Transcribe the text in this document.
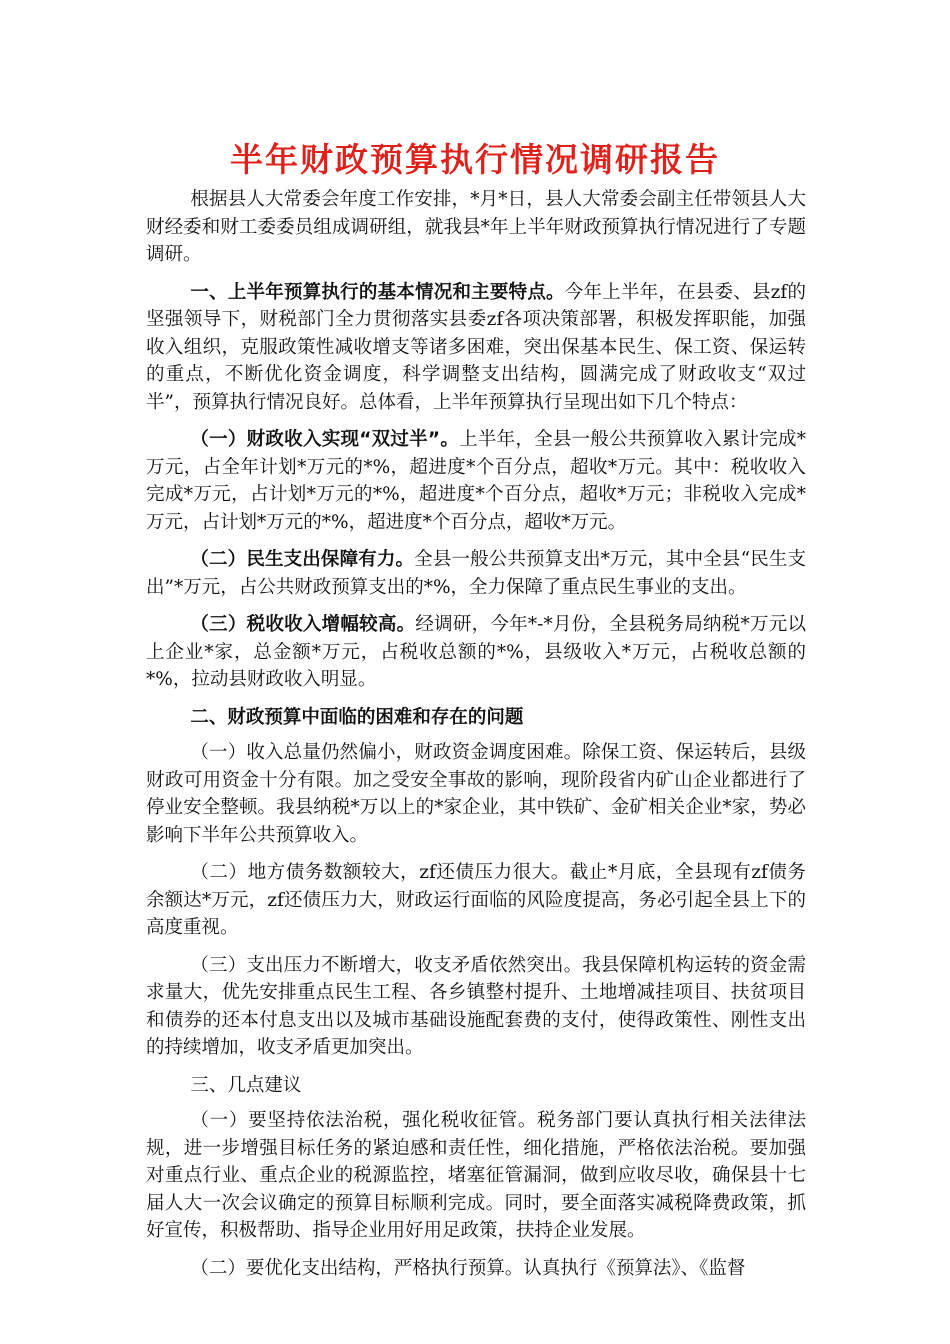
半年财政预算执行情况调研报告

根据县人大常委会年度工作安排，*月*日，县人大常委会副主任带领县人大财经委和财工委委员组成调研组，就我县*年上半年财政预算执行情况进行了专题调研。

一、上半年预算执行的基本情况和主要特点。今年上半年，在县委、县zf的坚强领导下，财税部门全力贯彻落实县委zf各项决策部署，积极发挥职能，加强收入组织，克服政策性减收增支等诸多困难，突出保基本民生、保工资、保运转的重点，不断优化资金调度，科学调整支出结构，圆满完成了财政收支“双过半”，预算执行情况良好。总体看，上半年预算执行呈现出如下几个特点：

（一）财政收入实现“双过半”。上半年，全县一般公共预算收入累计完成*万元，占全年计划*万元的*%，超进度*个百分点，超收*万元。其中：税收收入完成*万元，占计划*万元的*%，超进度*个百分点，超收*万元；非税收入完成*万元，占计划*万元的*%，超进度*个百分点，超收*万元。

（二）民生支出保障有力。全县一般公共预算支出*万元，其中全县“民生支出”*万元，占公共财政预算支出的*%，全力保障了重点民生事业的支出。

（三）税收收入增幅较高。经调研，今年*-*月份，全县税务局纳税*万元以上企业*家，总金额*万元，占税收总额的*%，县级收入*万元，占税收总额的*%，拉动县财政收入明显。

二、财政预算中面临的困难和存在的问题

（一）收入总量仍然偏小，财政资金调度困难。除保工资、保运转后，县级财政可用资金十分有限。加之受安全事故的影响，现阶段省内矿山企业都进行了停业安全整顿。我县纳税*万以上的*家企业，其中铁矿、金矿相关企业*家，势必影响下半年公共预算收入。

（二）地方债务数额较大，zf还债压力很大。截止*月底，全县现有zf债务余额达*万元，zf还债压力大，财政运行面临的风险度提高，务必引起全县上下的高度重视。

（三）支出压力不断增大，收支矛盾依然突出。我县保障机构运转的资金需求量大，优先安排重点民生工程、各乡镇整村提升、土地增减挂项目、扶贫项目和债券的还本付息支出以及城市基础设施配套费的支付，使得政策性、刚性支出的持续增加，收支矛盾更加突出。

三、几点建议

（一）要坚持依法治税，强化税收征管。税务部门要认真执行相关法律法规，进一步增强目标任务的紧迫感和责任性，细化措施，严格依法治税。要加强对重点行业、重点企业的税源监控，堵塞征管漏洞，做到应收尽收，确保县十七届人大一次会议确定的预算目标顺利完成。同时，要全面落实减税降费政策，抓好宣传，积极帮助、指导企业用好用足政策，扶持企业发展。

（二）要优化支出结构，严格执行预算。认真执行《预算法》、《监督
